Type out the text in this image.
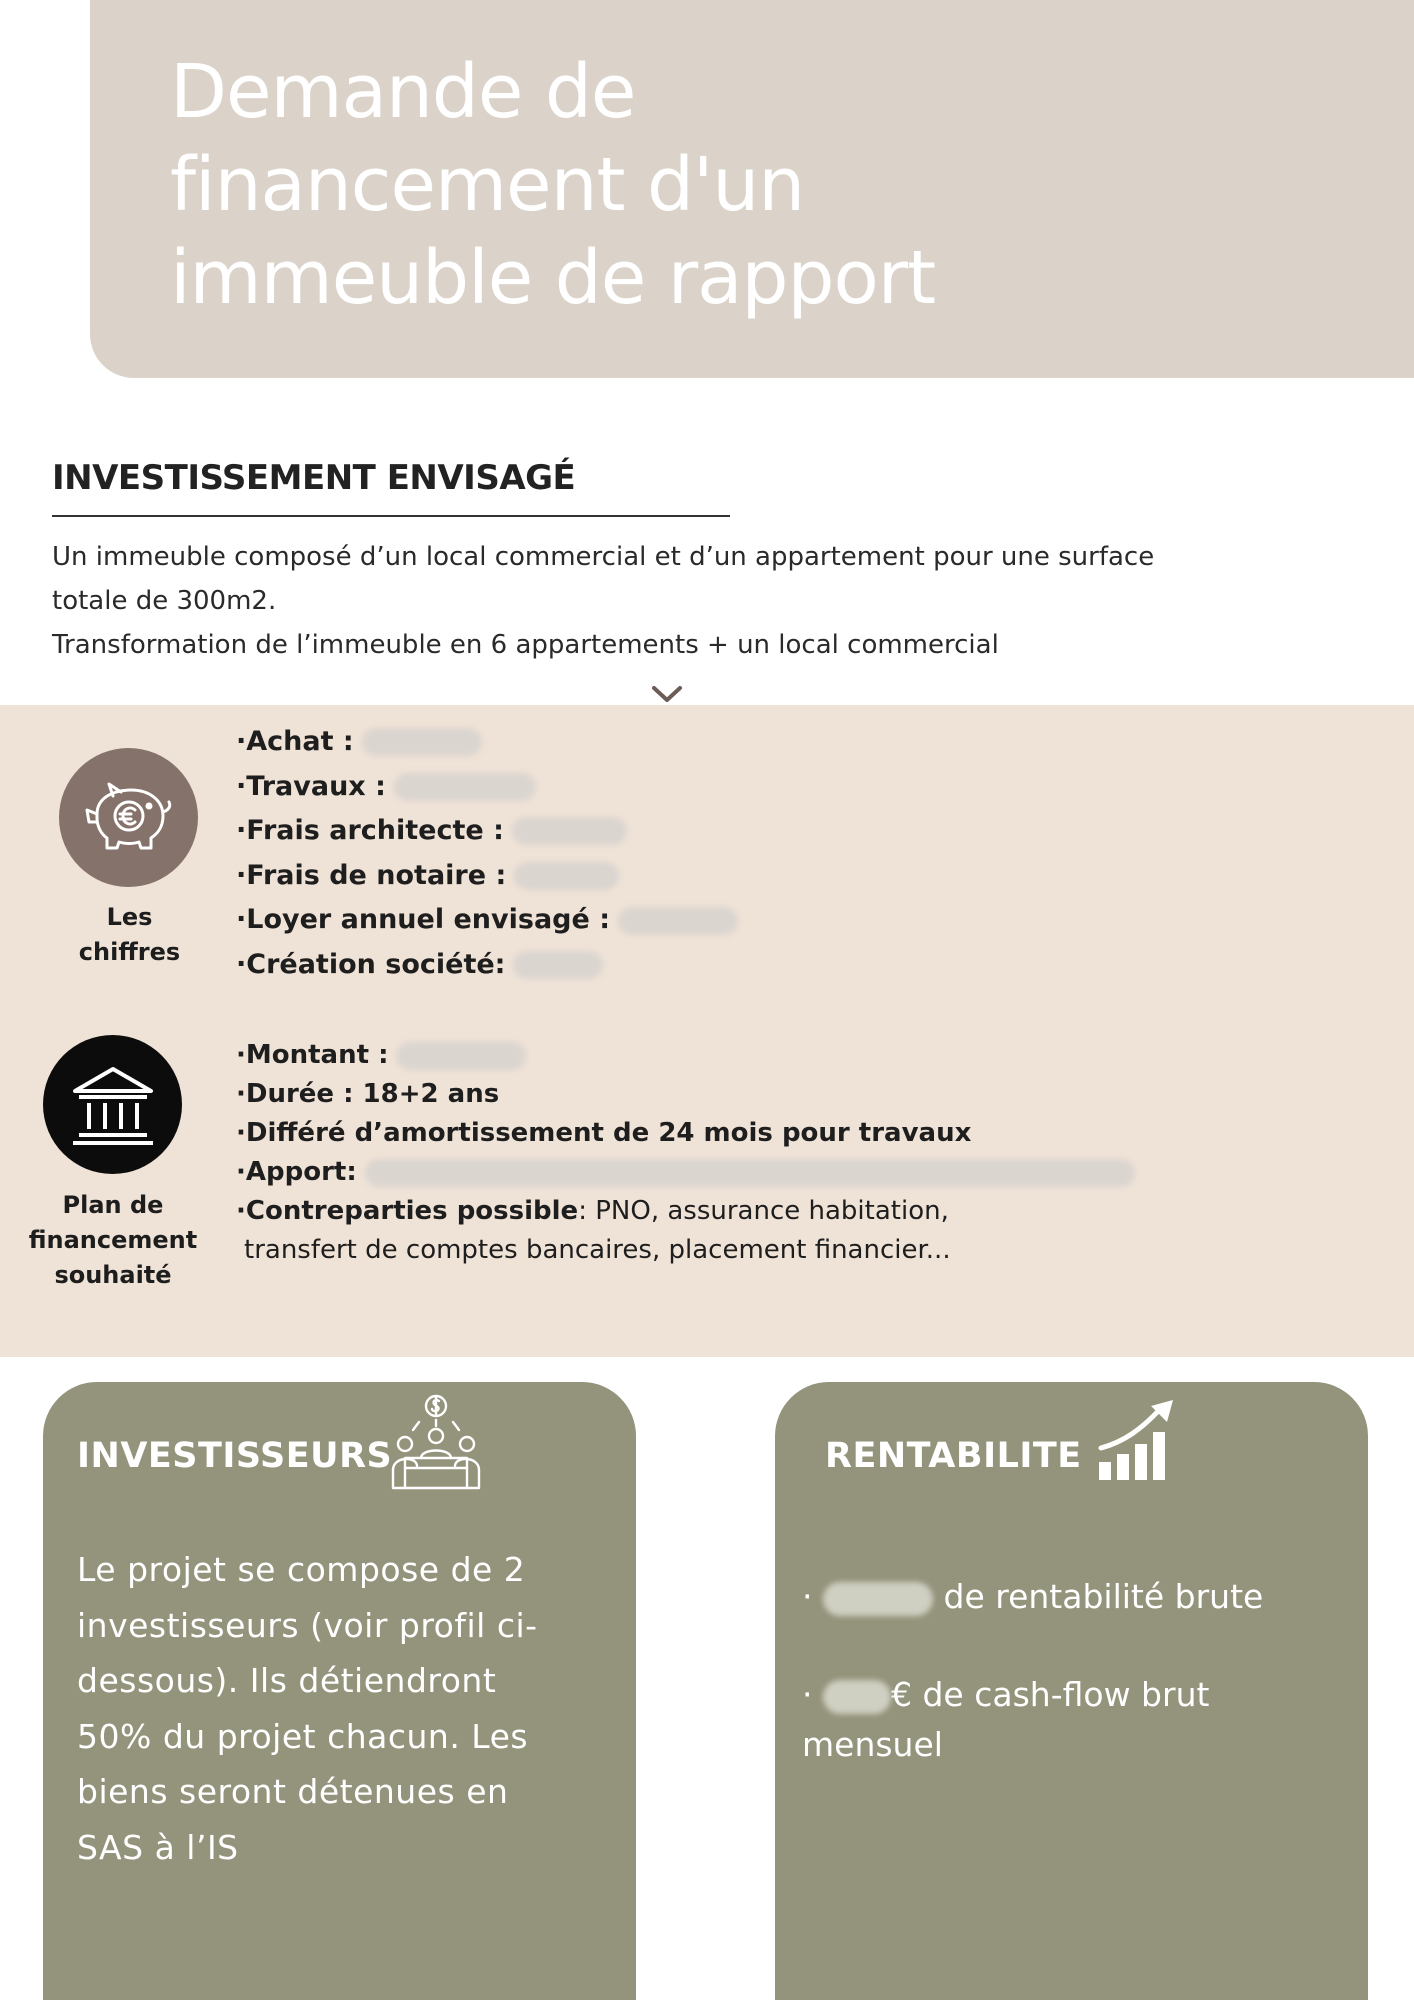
Demande de
financement d'un
immeuble de rapport
INVESTISSEMENT ENVISAGÉ

Un immeuble composé d’un local commercial et d’un appartement pour une surface

totale de 300m2.

Transformation de l’immeuble en 6 appartements + un local commercial

Les chiffres
·Achat :
·Travaux :
·Frais architecte :
·Frais de notaire :
·Loyer annuel envisagé :
·Création société:
Plan de
financement
souhaité
·Montant :
·Durée : 18+2 ans
·Différé d’amortissement de 24 mois pour travaux
·Apport:
·Contreparties possible : PNO, assurance habitation,
transfert de comptes bancaires, placement financier...
INVESTISSEURS
Le projet se compose de 2
investisseurs (voir profil ci-
dessous). Ils détiendront
50% du projet chacun. Les
biens seront détenues en
SAS à l’IS
RENTABILITE
·	de rentabilité brute
· € de cash-flow brut
mensuel
